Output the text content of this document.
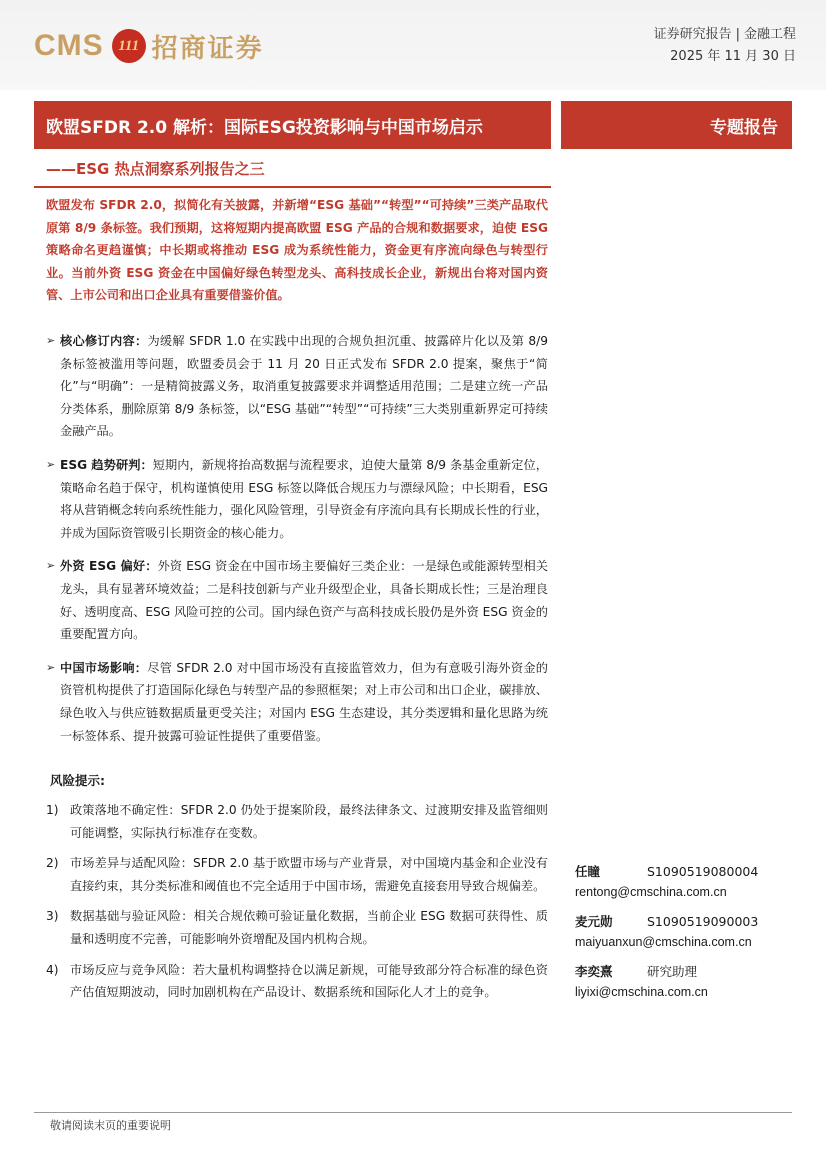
CMS 111 招商证券	证券研究报告 | 金融工程
2025 年 11 月 30 日
欧盟SFDR 2.0 解析：国际ESG投资影响与中国市场启示	专题报告
——ESG 热点洞察系列报告之三
欧盟发布 SFDR 2.0，拟简化有关披露，并新增“ESG 基础”“转型”“可持续”三类产品取代原第 8/9 条标签。我们预期，这将短期内提高欧盟 ESG 产品的合规和数据要求，迫使 ESG 策略命名更趋谨慎；中长期或将推动 ESG 成为系统性能力，资金更有序流向绿色与转型行业。当前外资 ESG 资金在中国偏好绿色转型龙头、高科技成长企业，新规出台将对国内资管、上市公司和出口企业具有重要借鉴价值。
➢ 核心修订内容：为缓解 SFDR 1.0 在实践中出现的合规负担沉重、披露碎片化以及第 8/9 条标签被滥用等问题，欧盟委员会于 11 月 20 日正式发布 SFDR 2.0 提案，聚焦于“简化”与“明确”：一是精简披露义务，取消重复披露要求并调整适用范围；二是建立统一产品分类体系，删除原第 8/9 条标签，以“ESG 基础”“转型”“可持续”三大类别重新界定可持续金融产品。
➢ ESG 趋势研判：短期内，新规将抬高数据与流程要求，迫使大量第 8/9 条基金重新定位，策略命名趋于保守，机构谨慎使用 ESG 标签以降低合规压力与漂绿风险；中长期看，ESG 将从营销概念转向系统性能力，强化风险管理，引导资金有序流向具有长期成长性的行业，并成为国际资管吸引长期资金的核心能力。
➢ 外资 ESG 偏好：外资 ESG 资金在中国市场主要偏好三类企业：一是绿色或能源转型相关龙头，具有显著环境效益；二是科技创新与产业升级型企业，具备长期成长性；三是治理良好、透明度高、ESG 风险可控的公司。国内绿色资产与高科技成长股仍是外资 ESG 资金的重要配置方向。
➢ 中国市场影响：尽管 SFDR 2.0 对中国市场没有直接监管效力，但为有意吸引海外资金的资管机构提供了打造国际化绿色与转型产品的参照框架；对上市公司和出口企业，碳排放、绿色收入与供应链数据质量更受关注；对国内 ESG 生态建设，其分类逻辑和量化思路为统一标签体系、提升披露可验证性提供了重要借鉴。
风险提示:
1) 政策落地不确定性：SFDR 2.0 仍处于提案阶段，最终法律条文、过渡期安排及监管细则可能调整，实际执行标准存在变数。
2) 市场差异与适配风险：SFDR 2.0 基于欧盟市场与产业背景，对中国境内基金和企业没有直接约束，其分类标准和阈值也不完全适用于中国市场，需避免直接套用导致合规偏差。
3) 数据基础与验证风险：相关合规依赖可验证量化数据，当前企业 ESG 数据可获得性、质量和透明度不完善，可能影响外资增配及国内机构合规。
4) 市场反应与竞争风险：若大量机构调整持仓以满足新规，可能导致部分符合标准的绿色资产估值短期波动，同时加剧机构在产品设计、数据系统和国际化人才上的竞争。
任瞳	S1090519080004
rentong@cmschina.com.cn
麦元勋	S1090519090003
maiyuanxun@cmschina.com.cn
李奕熹	研究助理
liyixi@cmschina.com.cn
敬请阅读末页的重要说明
